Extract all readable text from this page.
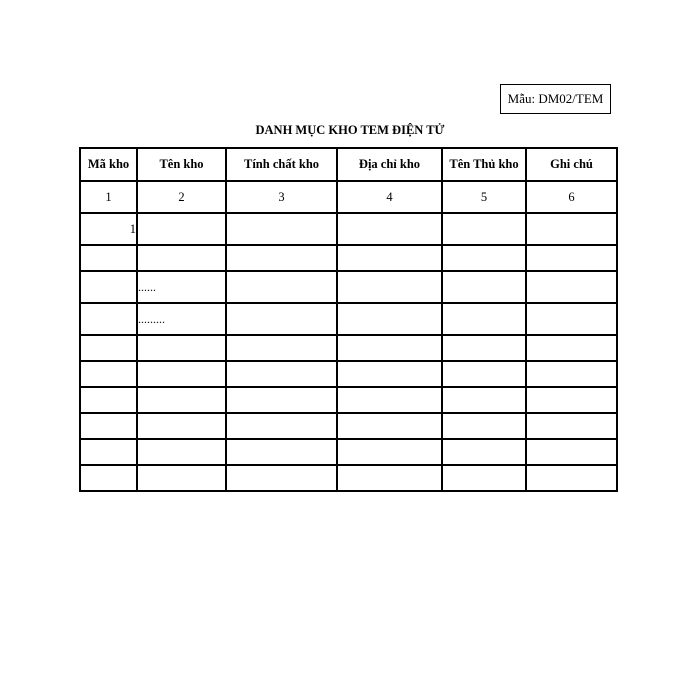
Mẫu: DM02/TEM
DANH MỤC KHO TEM ĐIỆN TỬ
Mã kho	Tên kho	Tính chất kho	Địa chỉ kho	Tên Thủ kho	Ghi chú
1	2	3	4	5	6
1					

	......				
	.........				
